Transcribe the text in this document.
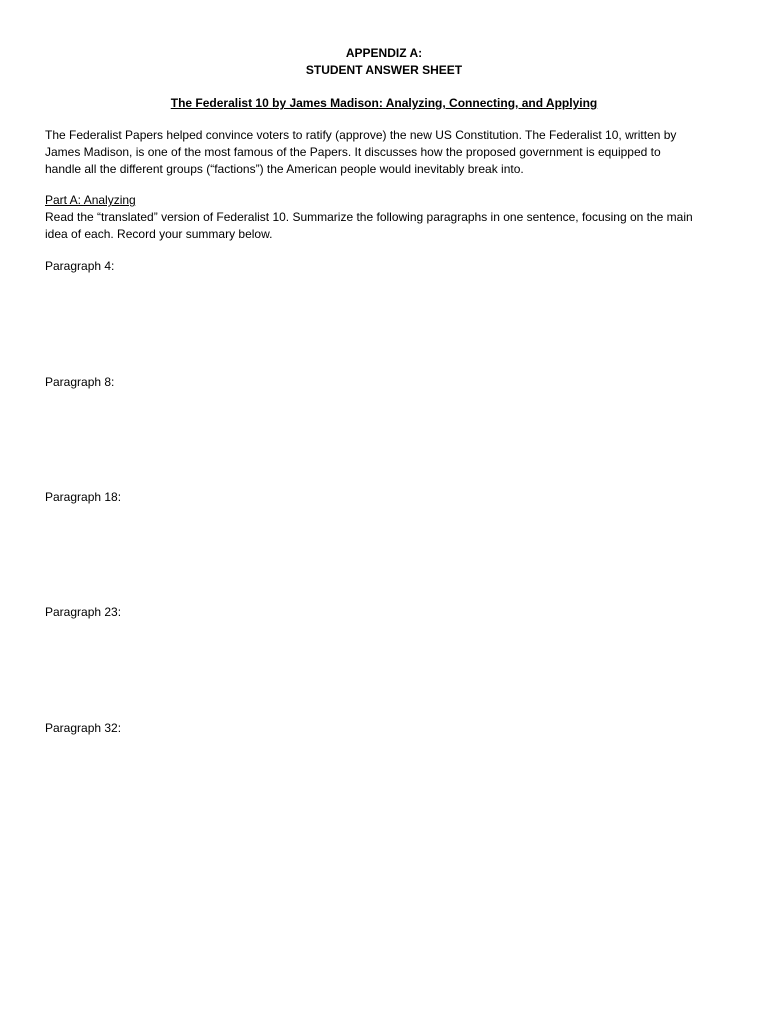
APPENDIZ A:
STUDENT ANSWER SHEET
The Federalist 10 by James Madison: Analyzing, Connecting, and Applying
The Federalist Papers helped convince voters to ratify (approve) the new US Constitution. The Federalist 10, written by
James Madison, is one of the most famous of the Papers. It discusses how the proposed government is equipped to
handle all the different groups (“factions”) the American people would inevitably break into.
Part A: Analyzing
Read the “translated” version of Federalist 10. Summarize the following paragraphs in one sentence, focusing on the main
idea of each. Record your summary below.
Paragraph 4:
Paragraph 8:
Paragraph 18:
Paragraph 23:
Paragraph 32:
